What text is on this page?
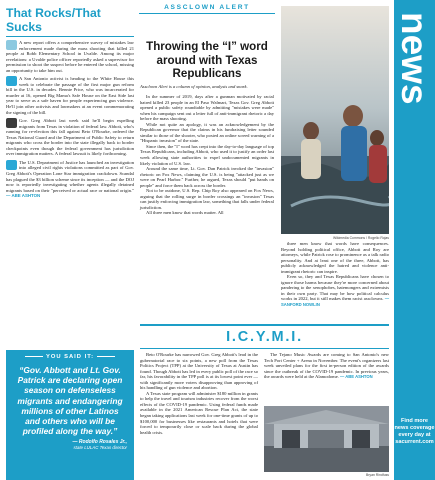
That Rocks/That Sucks
A new report offers a comprehensive survey of mistakes law enforcement made during the mass shooting that killed 21 people at Robb Elementary School in Uvalde. Among its major revelations: a Uvalde police officer reportedly asked a supervisor for permission to shoot the suspect before he entered the school, missing an opportunity to take him out.
A San Antonio activist is heading to the White House this week to celebrate the passage of the first major gun reform bill in the U.S. in decades. Bennie Price, who was incarcerated for murder at 16, opened Big Mama's Safe House on the East Side last year to serve as a safe haven for people experiencing gun violence. He'll join other activists and lawmakers at an event commemorating the signing of the bill.
Gov. Greg Abbott last week said he'll begin expelling migrants from Texas in violation of federal law. Abbott, who's running for re-election this fall against Beto O'Rourke, ordered the Texas National Guard and the Department of Public Safety to return migrants who cross the border into the state illegally back to border checkpoints even though the federal government has jurisdiction over immigration matters. A federal lawsuit is likely forthcoming.
The U.S. Department of Justice has launched an investigation into alleged civil rights violations committed as part of Gov. Greg Abbott's Operation Lone Star immigration crackdown. Scandal has plagued the $3 billion scheme since its inception — and the DOJ now is reportedly investigating whether agents illegally detained migrants based on their "perceived or actual race or national origin." — ABE ASHTON
YOU SAID IT:
“Gov. Abbott and Lt. Gov. Patrick are declaring open season on defenseless migrants and endangering millions of other Latinos and others who will be profiled along the way.”
— Rodolfo Rosales Jr.,
state LULAC Texas director
ASSCLOWN ALERT
Throwing the “I” word around with Texas Republicans
Assclown Alert is a column of opinion, analysis and snark.

In the summer of 2019, days after a gunman motivated by racial hatred killed 23 people in an El Paso Walmart, Texas Gov. Greg Abbott opened a public safety roundtable by admitting "mistakes were made" when his campaign sent out a letter full of anti-immigrant rhetoric a day before the mass shooting.

While not quite an apology, it was an acknowledgement by the Republican governor that the claims in his fundraising letter sounded similar to those of the shooter, who posted an online screed warning of a "Hispanic invasion" of the state.

Since then, the "I" word has crept into the day-to-day language of top Texas Republicans, including Abbott, who used it to justify an order last week allowing state authorities to expel undocumented migrants in likely violation of U.S. law.

Around the same time, Lt. Gov. Dan Patrick invoked the "invasion" rhetoric on Fox News, claiming the U.S. is being "attacked just as we were on Pearl Harbor." Further, he argued, Texas should "put hands on people" and force them back across the border.

Not to be outdone, U.S. Rep. Chip Roy also appeared on Fox News, arguing that the rolling surge in border crossings an "invasion" Texas can justify enforcing immigration law, something that falls under federal jurisdiction.

All three men know that words matter. All

Wikimedia Commons / Rogelio Rojas

three men know that words have consequences. Beyond holding political office, Abbott and Roy are attorneys, while Patrick rose to prominence as a talk radio personality. And at least one of the three, Abbott, has publicly acknowledged the hatred and violence anti-immigrant rhetoric can inspire.

Even so, they and Texas Republicans have chosen to ignore those harms because they're more concerned about pandering to the xenophobes, hatemongers and extremists in their own party. That may be how political calculus works in 2022, but it still makes them racist assclowns. — SANFORD NOWLIN

I.C.Y.M.I.

Beto O'Rourke has narrowed Gov. Greg Abbott's lead in the gubernatorial race to six points, a new poll from the Texas Politics Project (TPP) at the University of Texas at Austin has found. Though Abbott has led in every public poll of the race so far, his favorability in the TPP poll is at its lowest point ever — with significantly more voters disapproving than approving of his handling of gun violence and abortion.

A Texas state program will administer $180 million in grants to help the travel and tourism industries recover from the worst effects of the COVID-19 pandemic. Using federal funds made available in the 2021 American Rescue Plan Act, the state began taking applications last week for one-time grants of up to $100,000 for businesses like restaurants and hotels that were forced to temporarily close or scale back during the global health crisis.

The Tejano Music Awards are coming to San Antonio's new Tech Port Center + Arena in November. The event's organizers last week unveiled plans for the first in-person edition of the awards since the outbreak of the COVID-19 pandemic. In previous years, the awards were held at the Alamodome. — ABE ASHTON

Bryan Rindfuss
news
Find more news coverage every day at sacurrent.com
